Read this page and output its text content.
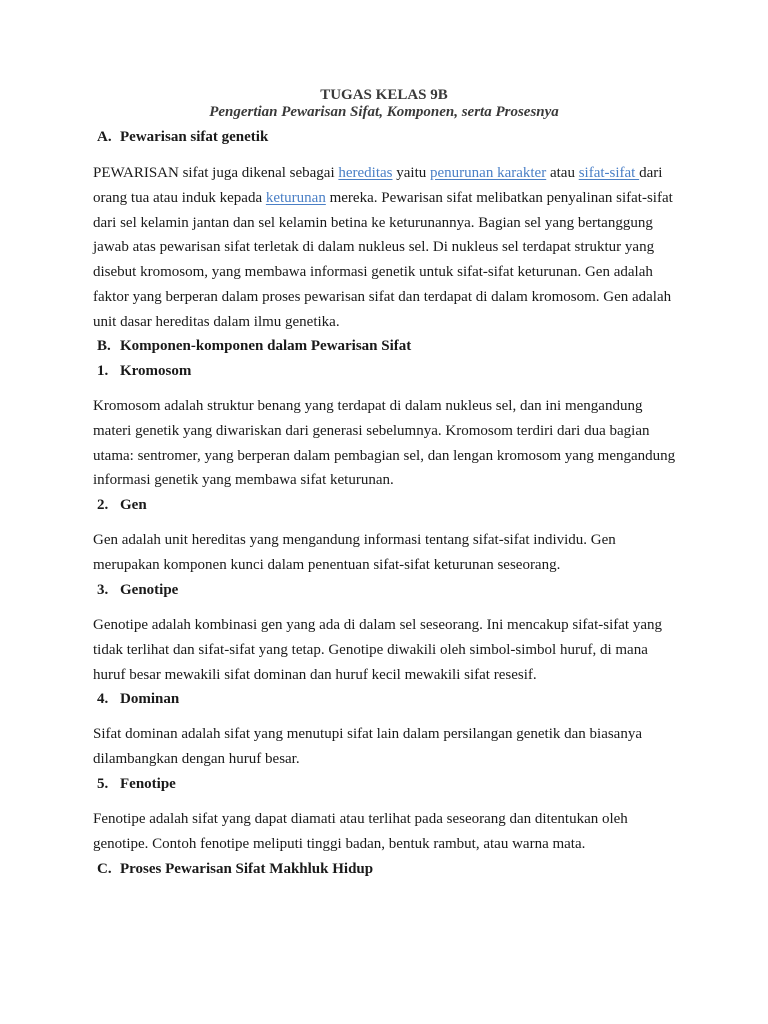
TUGAS KELAS 9B
Pengertian Pewarisan Sifat, Komponen, serta Prosesnya
A. Pewarisan sifat genetik

PEWARISAN sifat juga dikenal sebagai hereditas yaitu penurunan karakter atau sifat-sifat dari orang tua atau induk kepada keturunan mereka. Pewarisan sifat melibatkan penyalinan sifat-sifat dari sel kelamin jantan dan sel kelamin betina ke keturunannya. Bagian sel yang bertanggung jawab atas pewarisan sifat terletak di dalam nukleus sel. Di nukleus sel terdapat struktur yang disebut kromosom, yang membawa informasi genetik untuk sifat-sifat keturunan. Gen adalah faktor yang berperan dalam proses pewarisan sifat dan terdapat di dalam kromosom. Gen adalah unit dasar hereditas dalam ilmu genetika.

B. Komponen-komponen dalam Pewarisan Sifat
1. Kromosom

Kromosom adalah struktur benang yang terdapat di dalam nukleus sel, dan ini mengandung materi genetik yang diwariskan dari generasi sebelumnya. Kromosom terdiri dari dua bagian utama: sentromer, yang berperan dalam pembagian sel, dan lengan kromosom yang mengandung informasi genetik yang membawa sifat keturunan.

2. Gen

Gen adalah unit hereditas yang mengandung informasi tentang sifat-sifat individu. Gen merupakan komponen kunci dalam penentuan sifat-sifat keturunan seseorang.

3. Genotipe

Genotipe adalah kombinasi gen yang ada di dalam sel seseorang. Ini mencakup sifat-sifat yang tidak terlihat dan sifat-sifat yang tetap. Genotipe diwakili oleh simbol-simbol huruf, di mana huruf besar mewakili sifat dominan dan huruf kecil mewakili sifat resesif.

4. Dominan

Sifat dominan adalah sifat yang menutupi sifat lain dalam persilangan genetik dan biasanya dilambangkan dengan huruf besar.

5. Fenotipe

Fenotipe adalah sifat yang dapat diamati atau terlihat pada seseorang dan ditentukan oleh genotipe. Contoh fenotipe meliputi tinggi badan, bentuk rambut, atau warna mata.

C. Proses Pewarisan Sifat Makhluk Hidup
